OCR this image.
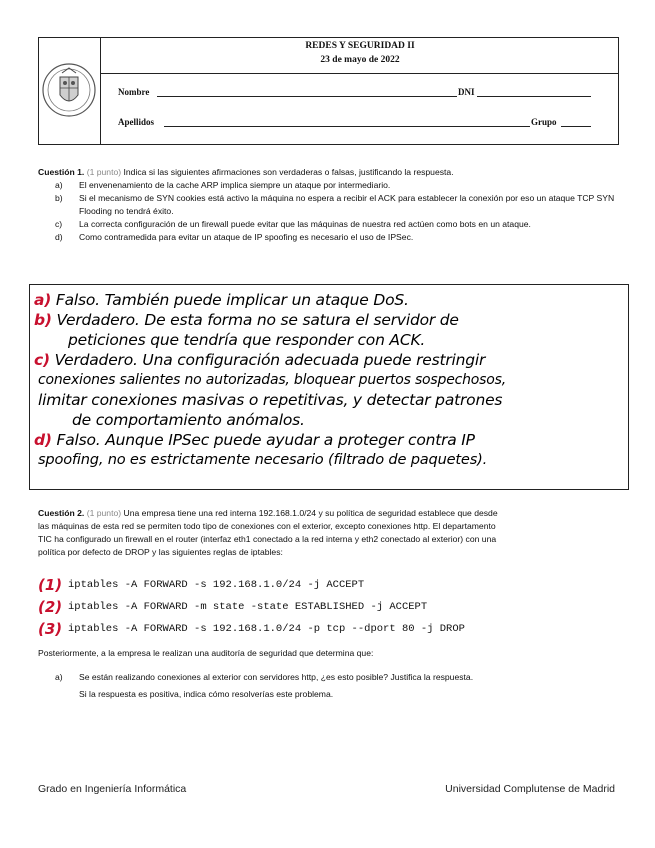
REDES Y SEGURIDAD II
23 de mayo de 2022
Nombre	DNI
Apellidos	Grupo
Cuestión 1. (1 punto) Indica si las siguientes afirmaciones son verdaderas o falsas, justificando la respuesta.
a)	El envenenamiento de la cache ARP implica siempre un ataque por intermediario.
b)	Si el mecanismo de SYN cookies está activo la máquina no espera a recibir el ACK para establecer la conexión por eso un ataque TCP SYN Flooding no tendrá éxito.
c)	La correcta configuración de un firewall puede evitar que las máquinas de nuestra red actúen como bots en un ataque.
d)	Como contramedida para evitar un ataque de IP spoofing es necesario el uso de IPSec.
a) Falso. También puede implicar un ataque DoS.
b) Verdadero. De esta forma no se satura el servidor de
peticiones que tendría que responder con ACK.
c) Verdadero. Una configuración adecuada puede restringir
conexiones salientes no autorizadas, bloquear puertos sospechosos,
limitar conexiones masivas o repetitivas, y detectar patrones
de comportamiento anómalos.
d) Falso. Aunque IPSec puede ayudar a proteger contra IP
spoofing, no es estrictamente necesario (filtrado de paquetes).
Cuestión 2. (1 punto) Una empresa tiene una red interna 192.168.1.0/24 y su política de seguridad establece que desde
las máquinas de esta red se permiten todo tipo de conexiones con el exterior, excepto conexiones http. El departamento
TIC ha configurado un firewall en el router (interfaz eth1 conectado a la red interna y eth2 conectado al exterior) con una
política por defecto de DROP y las siguientes reglas de iptables:
(1) iptables -A FORWARD -s 192.168.1.0/24 -j ACCEPT
(2) iptables -A FORWARD -m state -state ESTABLISHED -j ACCEPT
(3) iptables -A FORWARD -s 192.168.1.0/24 -p tcp --dport 80 -j DROP
Posteriormente, a la empresa le realizan una auditoría de seguridad que determina que:
a)	Se están realizando conexiones al exterior con servidores http, ¿es esto posible? Justifica la respuesta.
Si la respuesta es positiva, indica cómo resolverías este problema.
Grado en Ingeniería Informática	Universidad Complutense de Madrid
